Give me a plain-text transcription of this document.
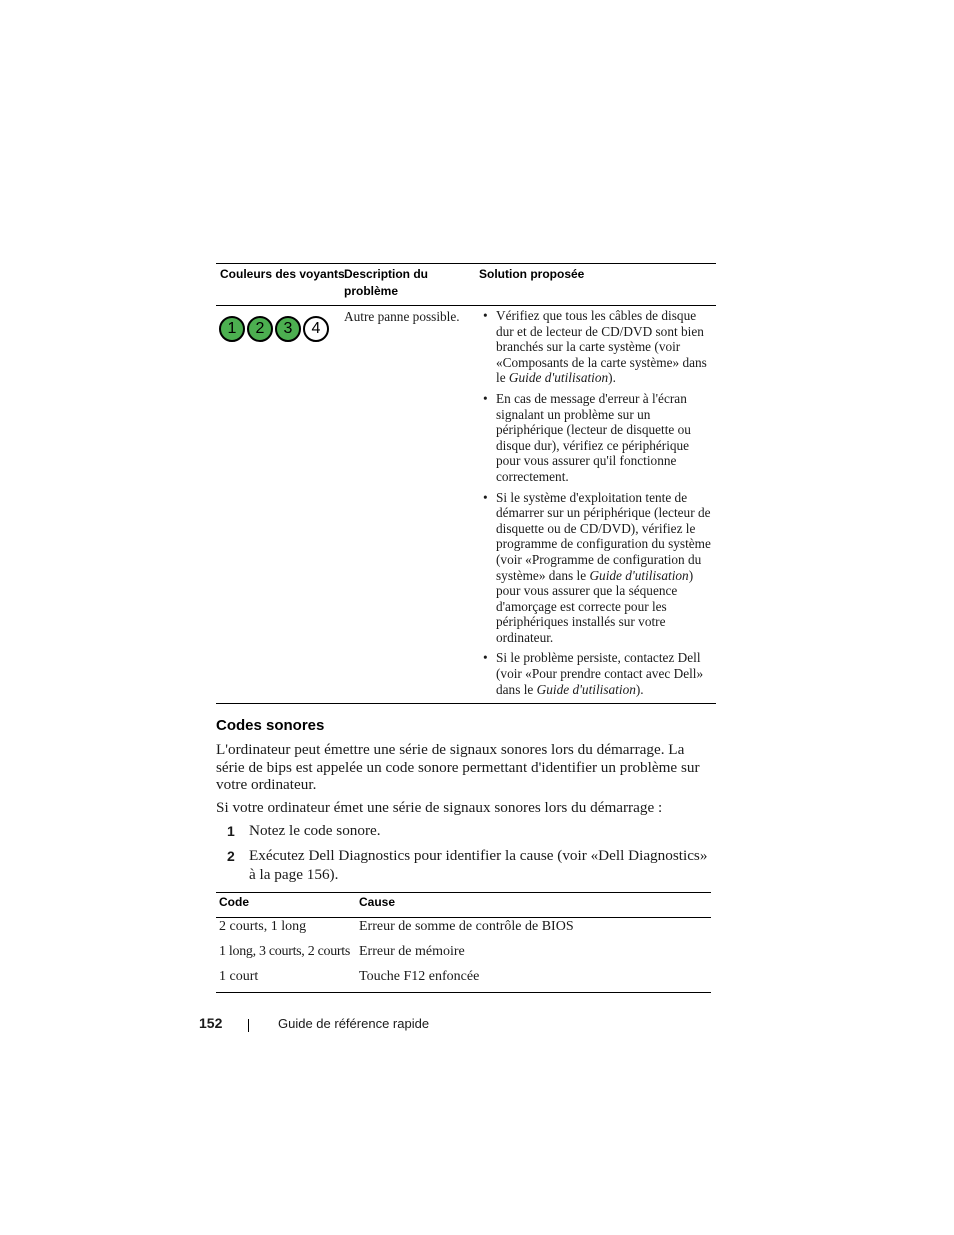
Couleurs des voyants Description du
problème
Solution proposée
1 2 3 4
Autre panne possible.
•	Vérifiez que tous les câbles de disque dur et de lecteur de CD/DVD sont bien branchés sur la carte système (voir «Composants de la carte système» dans le Guide d'utilisation).
• En cas de message d'erreur à l'écran signalant un problème sur un périphérique (lecteur de disquette ou disque dur), vérifiez ce périphérique pour vous assurer qu'il fonctionne correctement.
• Si le système d'exploitation tente de démarrer sur un périphérique (lecteur de disquette ou de CD/DVD), vérifiez le programme de configuration du système (voir «Programme de configuration du système» dans le Guide d'utilisation) pour vous assurer que la séquence d'amorçage est correcte pour les périphériques installés sur votre ordinateur.
• Si le problème persiste, contactez Dell (voir «Pour prendre contact avec Dell» dans le Guide d'utilisation).
Codes sonores

L'ordinateur peut émettre une série de signaux sonores lors du démarrage. La série de bips est appelée un code sonore permettant d'identifier un problème sur votre ordinateur.

Si votre ordinateur émet une série de signaux sonores lors du démarrage :

1 Notez le code sonore.
2 Exécutez Dell Diagnostics pour identifier la cause (voir «Dell Diagnostics» à la page 156).
Code	Cause
2 courts, 1 long	Erreur de somme de contrôle de BIOS
1 long, 3 courts, 2 courts Erreur de mémoire
1 court	Touche F12 enfoncée
152	Guide de référence rapide
